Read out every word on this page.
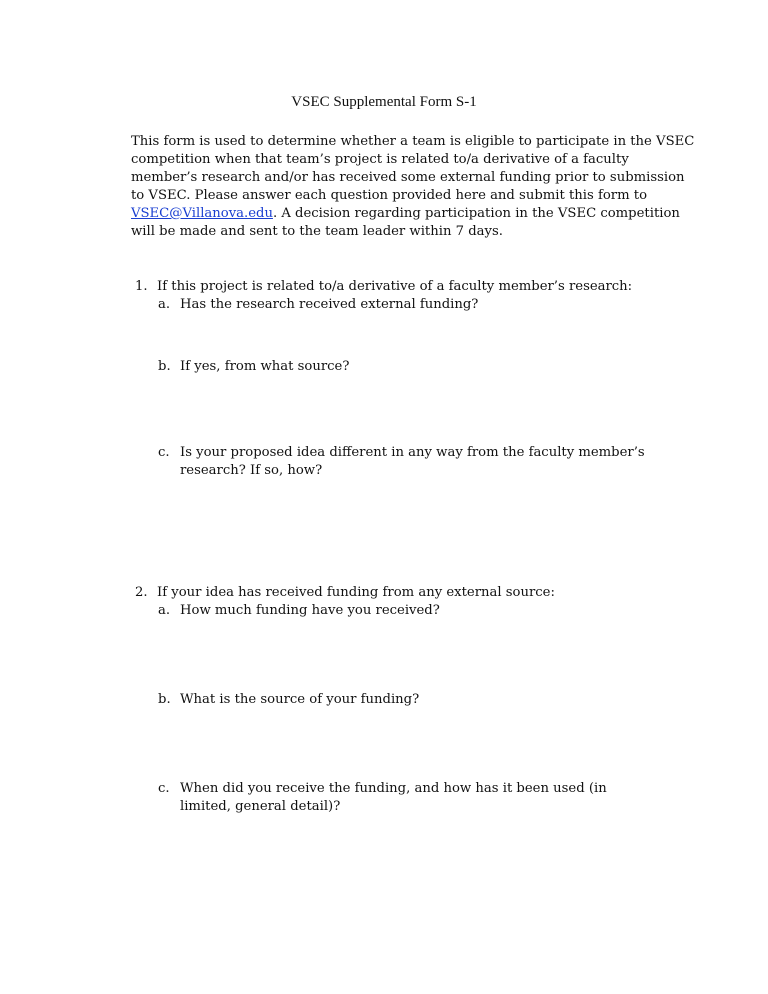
VSEC Supplemental Form S-1
This form is used to determine whether a team is eligible to participate in the VSEC
competition when that team’s project is related to/a derivative of a faculty
member’s research and/or has received some external funding prior to submission
to VSEC. Please answer each question provided here and submit this form to
VSEC@Villanova.edu. A decision regarding participation in the VSEC competition
will be made and sent to the team leader within 7 days.
1. If this project is related to/a derivative of a faculty member’s research:
a. Has the research received external funding?
b. If yes, from what source?
c. Is your proposed idea different in any way from the faculty member’s
research? If so, how?
2. If your idea has received funding from any external source:
a. How much funding have you received?
b. What is the source of your funding?
c. When did you receive the funding, and how has it been used (in
limited, general detail)?
